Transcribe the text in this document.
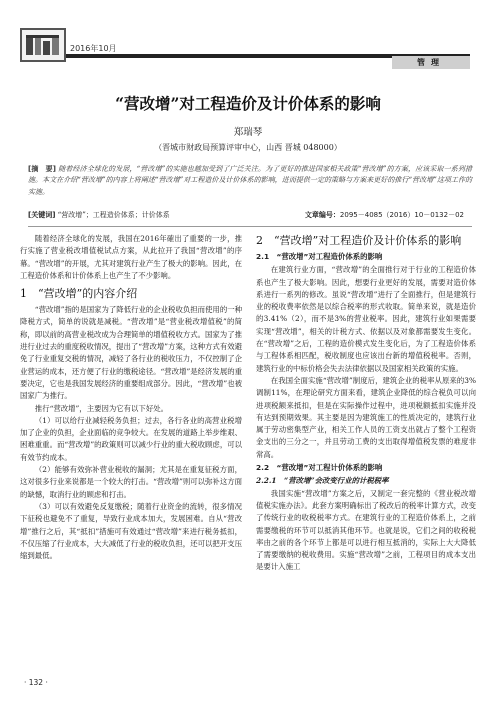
2016年10月
管理
“营改增”对工程造价及计价体系的影响
郑瑞琴
（晋城市财政局预算评审中心，山西 晋城 048000）
[摘　要] 随着经济全球化的发展，“营改增”的实施也越加受到了广泛关注。为了更好的推进国家相关政策“营改增”的方案，应该采取一系列措施。本文在介绍“营改增”的内容上将阐述“营改增”对工程造价及计价体系的影响，进而提供一定的策略与方案来更好的推行“营改增”这项工作的实施。
[关键词] “营改增”；工程造价体系；计价体系	文章编号：2095－4085（2016）10－0132－02

随着经济全球化的发展，我国在2016年確出了重要的一步，推行实施了营业税改增值税试点方案，从此拉开了我国“营改增”的序幕。“营改增”的开展，尤其对建筑行业产生了极大的影响。因此，在工程造价体系和计价体系上也产生了不少影响。

1　“营改增”的内容介绍

“营改增”指的是国家为了降低行业的企业税收负担而使用的一种降税方式，简单的说就是减税。“营改增”是“营业税改增值税”的简称，即以前的高营业税改成为合理简单的增值税收方式。国家为了推进行业过去的重度税收情况，提出了“营改增”方案，这种方式有效避免了行业重复交税的情况，减轻了各行业的税收压力，不仅控制了企业营运的成本，还方便了行业的缴税途径。“营改增”是经济发展的重要决定，它也是我国发展经济的重要组成部分。因此，“营改增”也被国家广为推行。

推行“营改增”，主要因为它有以下好处。

（1）可以给行业减轻税务负担；过去，各行各业的高营业税增加了企业的负担，企业面临的竞争较大。在发展的道路上举步维艰、困难重重。而“营改增”的政策则可以减少行业的重大税收顾虑，可以有效节约成本。

（2）能够有效弥补营业税收的漏洞；尤其是在重复征税方面，这对很多行业来说都是一个较大的打击。“营改增”则可以弥补这方面的缺憾，取消行业的顾虑和打击。

（3）可以有效避免反复缴税；随着行业资金的流转，很多情况下征税也避免不了重复，导致行业成本加大，发展困难。自从“营改增”推行之后，其“抵扣”措施可有效通过“营改增”来进行税务抵扣，不仅压缩了行业成本，大大减低了行业的税收负担，还可以把开支压缩到最低。

2　“营改增”对工程造价及计价体系的影响
2.1　“营改增”对工程造价体系的影响

在建筑行业方面，“营改增”的全面推行对于行业的工程造价体系也产生了极大影响。因此，想要行业更好的发展，需要对造价体系进行一系列的修改。虽说“营改增”进行了全面推行，但是建筑行业的税收费率依然是以综合税率的形式收取。简单来说，就是造价的3.41%（2），而不是3%的营业税率。因此，建筑行业如果需要实现“营改增”，相关的计税方式、依据以及对象都需要发生变化。在“营改增”之后，工程的造价模式发生变化后，为了工程造价体系与工程体系相匹配，税收制度也应该出台新的增值税税率。否则，建筑行业的中标价格会失去法律依据以及国家相关政策的实施。

在我国全面实施“营改增”制度后，建筑企业的税率从原来的3%调制11%，在理论研究方面来看，建筑企业降低的综合税负可以向进项税额来抵扣，但是在实际操作过程中，进项税额抵扣实施并没有达到预期效果。其主要是因为建筑施工的性质决定的，建筑行业属于劳动密集型产业，相关工作人员的工资支出就占了整个工程资金支出的三分之一，并且劳动工费的支出取得增值税发票的难度非常高。

2.2　“营改增”对工程计价体系的影响
2.2.1　“营改增”会改变行业的计税税率

我国实施“营改增”方案之后，又制定一套完整的《营业税改增值税实施办法》。此套方案明确标出了税改后的税率计算方式，改变了传统行业的收税税率方式。在建筑行业的工程造价体系上，之前需要缴税的环节可以抵消其他环节。也就是说，它们之间的收税税率由之前的各个环节上都是可以进行相互抵消的，实际上大大降低了需要缴纳的税收费用。实施“营改增”之前，工程项目的成本支出是要计入施工

· 132 ·
